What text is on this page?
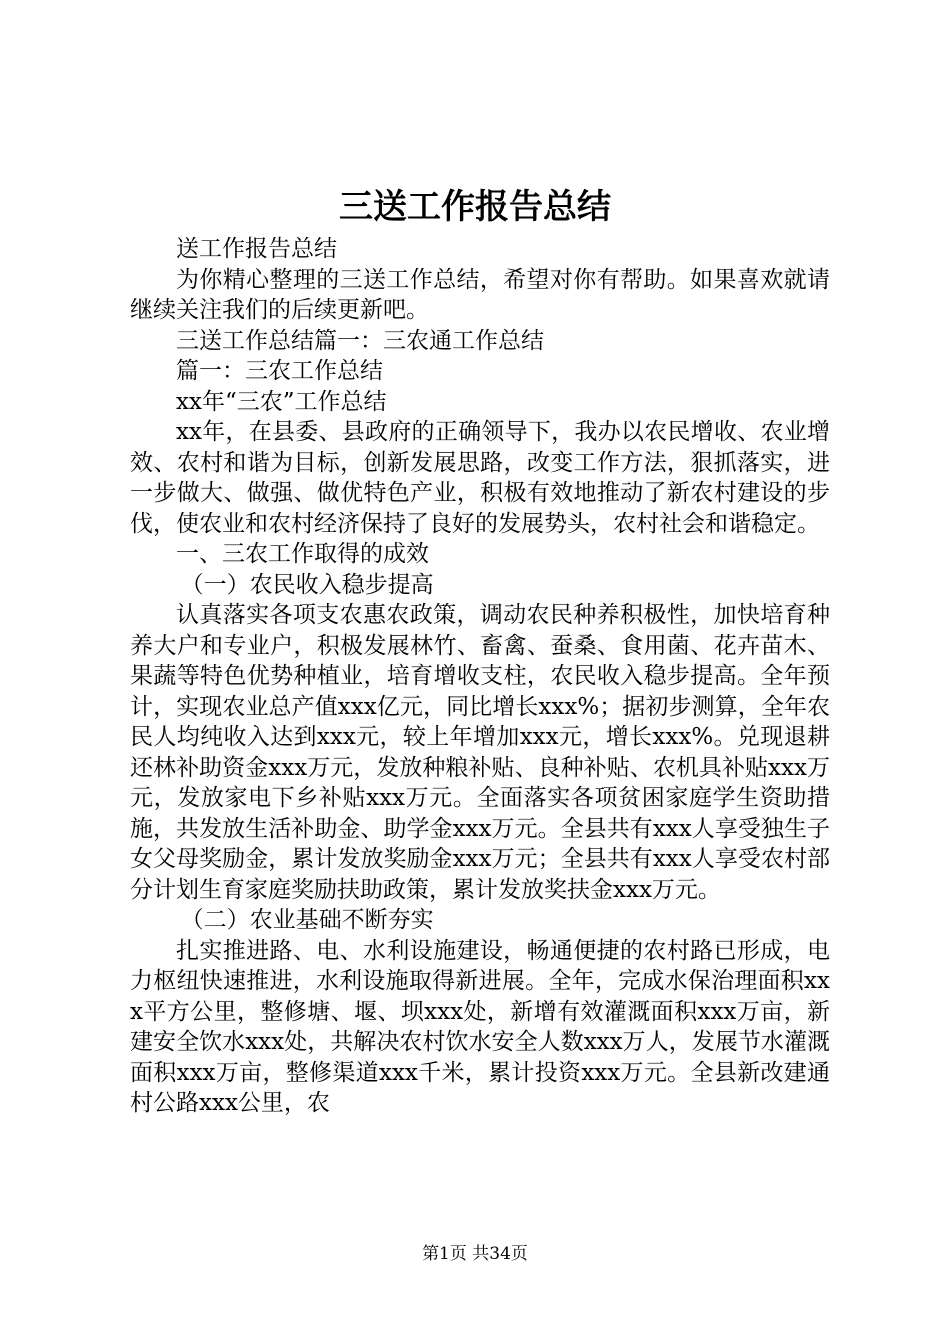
三送工作报告总结

送工作报告总结

为你精心整理的三送工作总结，希望对你有帮助。如果喜欢就请继续关注我们的后续更新吧。

三送工作总结篇一：三农通工作总结

篇一：三农工作总结

xx年“三农”工作总结

xx年，在县委、县政府的正确领导下，我办以农民增收、农业增效、农村和谐为目标，创新发展思路，改变工作方法，狠抓落实，进一步做大、做强、做优特色产业，积极有效地推动了新农村建设的步伐，使农业和农村经济保持了良好的发展势头，农村社会和谐稳定。

一、三农工作取得的成效

（一）农民收入稳步提高

认真落实各项支农惠农政策，调动农民种养积极性，加快培育种养大户和专业户，积极发展林竹、畜禽、蚕桑、食用菌、花卉苗木、果蔬等特色优势种植业，培育增收支柱，农民收入稳步提高。全年预计，实现农业总产值xxx亿元，同比增长xxx%；据初步测算，全年农民人均纯收入达到xxx元，较上年增加xxx元，增长xxx%。兑现退耕还林补助资金xxx万元，发放种粮补贴、良种补贴、农机具补贴xxx万元，发放家电下乡补贴xxx万元。全面落实各项贫困家庭学生资助措施，共发放生活补助金、助学金xxx万元。全县共有xxx人享受独生子女父母奖励金，累计发放奖励金xxx万元；全县共有xxx人享受农村部分计划生育家庭奖励扶助政策，累计发放奖扶金xxx万元。

（二）农业基础不断夯实

扎实推进路、电、水利设施建设，畅通便捷的农村路已形成，电力枢纽快速推进，水利设施取得新进展。全年，完成水保治理面积xxx平方公里，整修塘、堰、坝xxx处，新增有效灌溉面积xxx万亩，新建安全饮水xxx处，共解决农村饮水安全人数xxx万人，发展节水灌溉面积xxx万亩，整修渠道xxx千米，累计投资xxx万元。全县新改建通村公路xxx公里，农

第1页 共34页
